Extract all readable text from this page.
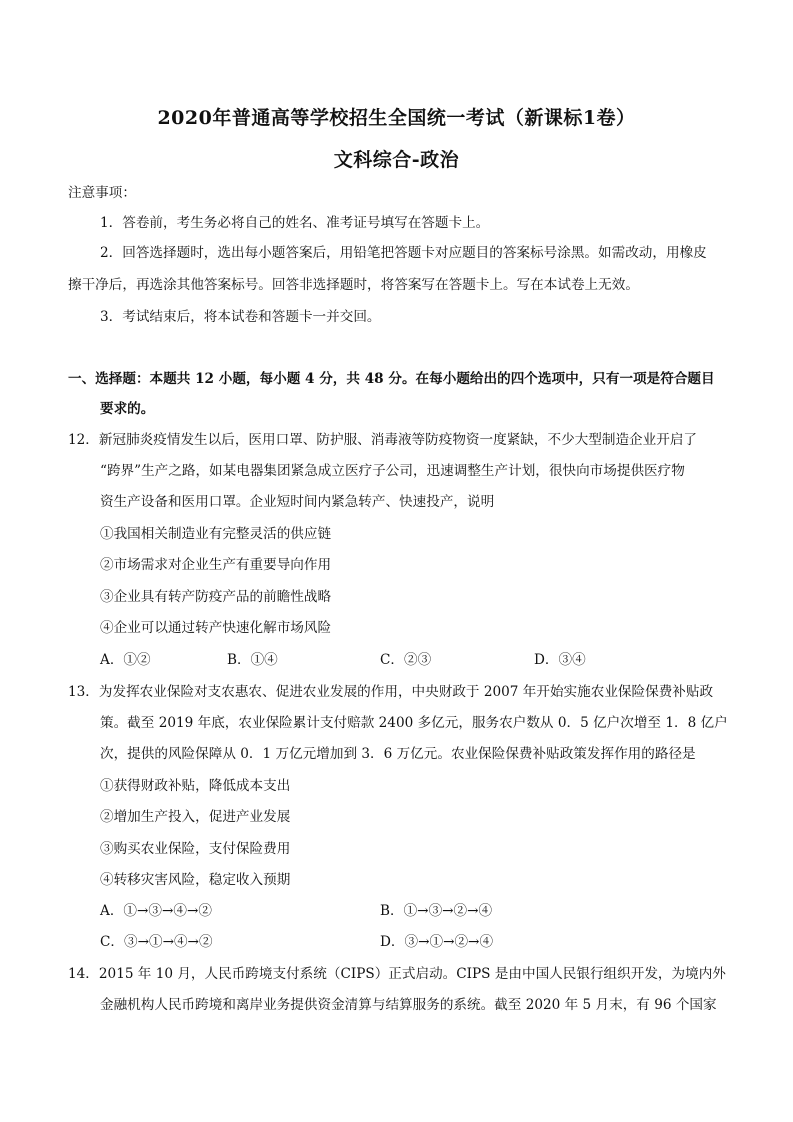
2020年普通高等学校招生全国统一考试（新课标1卷）
文科综合-政治
注意事项：
1．答卷前，考生务必将自己的姓名、准考证号填写在答题卡上。
2．回答选择题时，选出每小题答案后，用铅笔把答题卡对应题目的答案标号涂黑。如需改动，用橡皮
擦干净后，再选涂其他答案标号。回答非选择题时，将答案写在答题卡上。写在本试卷上无效。
3．考试结束后，将本试卷和答题卡一并交回。
一、选择题：本题共 12 小题，每小题 4 分，共 48 分。在每小题给出的四个选项中，只有一项是符合题目
要求的。
12．新冠肺炎疫情发生以后，医用口罩、防护服、消毒液等防疫物资一度紧缺，不少大型制造企业开启了
“跨界”生产之路，如某电器集团紧急成立医疗子公司，迅速调整生产计划，很快向市场提供医疗物
资生产设备和医用口罩。企业短时间内紧急转产、快速投产，说明
①我国相关制造业有完整灵活的供应链
②市场需求对企业生产有重要导向作用
③企业具有转产防疫产品的前瞻性战略
④企业可以通过转产快速化解市场风险
A．①②	B．①④	C．②③	D．③④
13．为发挥农业保险对支农惠农、促进农业发展的作用，中央财政于 2007 年开始实施农业保险保费补贴政
策。截至 2019 年底，农业保险累计支付赔款 2400 多亿元，服务农户数从 0．5 亿户次增至 1．8 亿户
次，提供的风险保障从 0．1 万亿元增加到 3．6 万亿元。农业保险保费补贴政策发挥作用的路径是
①获得财政补贴，降低成本支出
②增加生产投入，促进产业发展
③购买农业保险，支付保险费用
④转移灾害风险，稳定收入预期
A．①→③→④→②	B．①→③→②→④
C．③→①→④→②	D．③→①→②→④
14．2015 年 10 月，人民币跨境支付系统（CIPS）正式启动。CIPS 是由中国人民银行组织开发，为境内外
金融机构人民币跨境和离岸业务提供资金清算与结算服务的系统。截至 2020 年 5 月末，有 96 个国家
